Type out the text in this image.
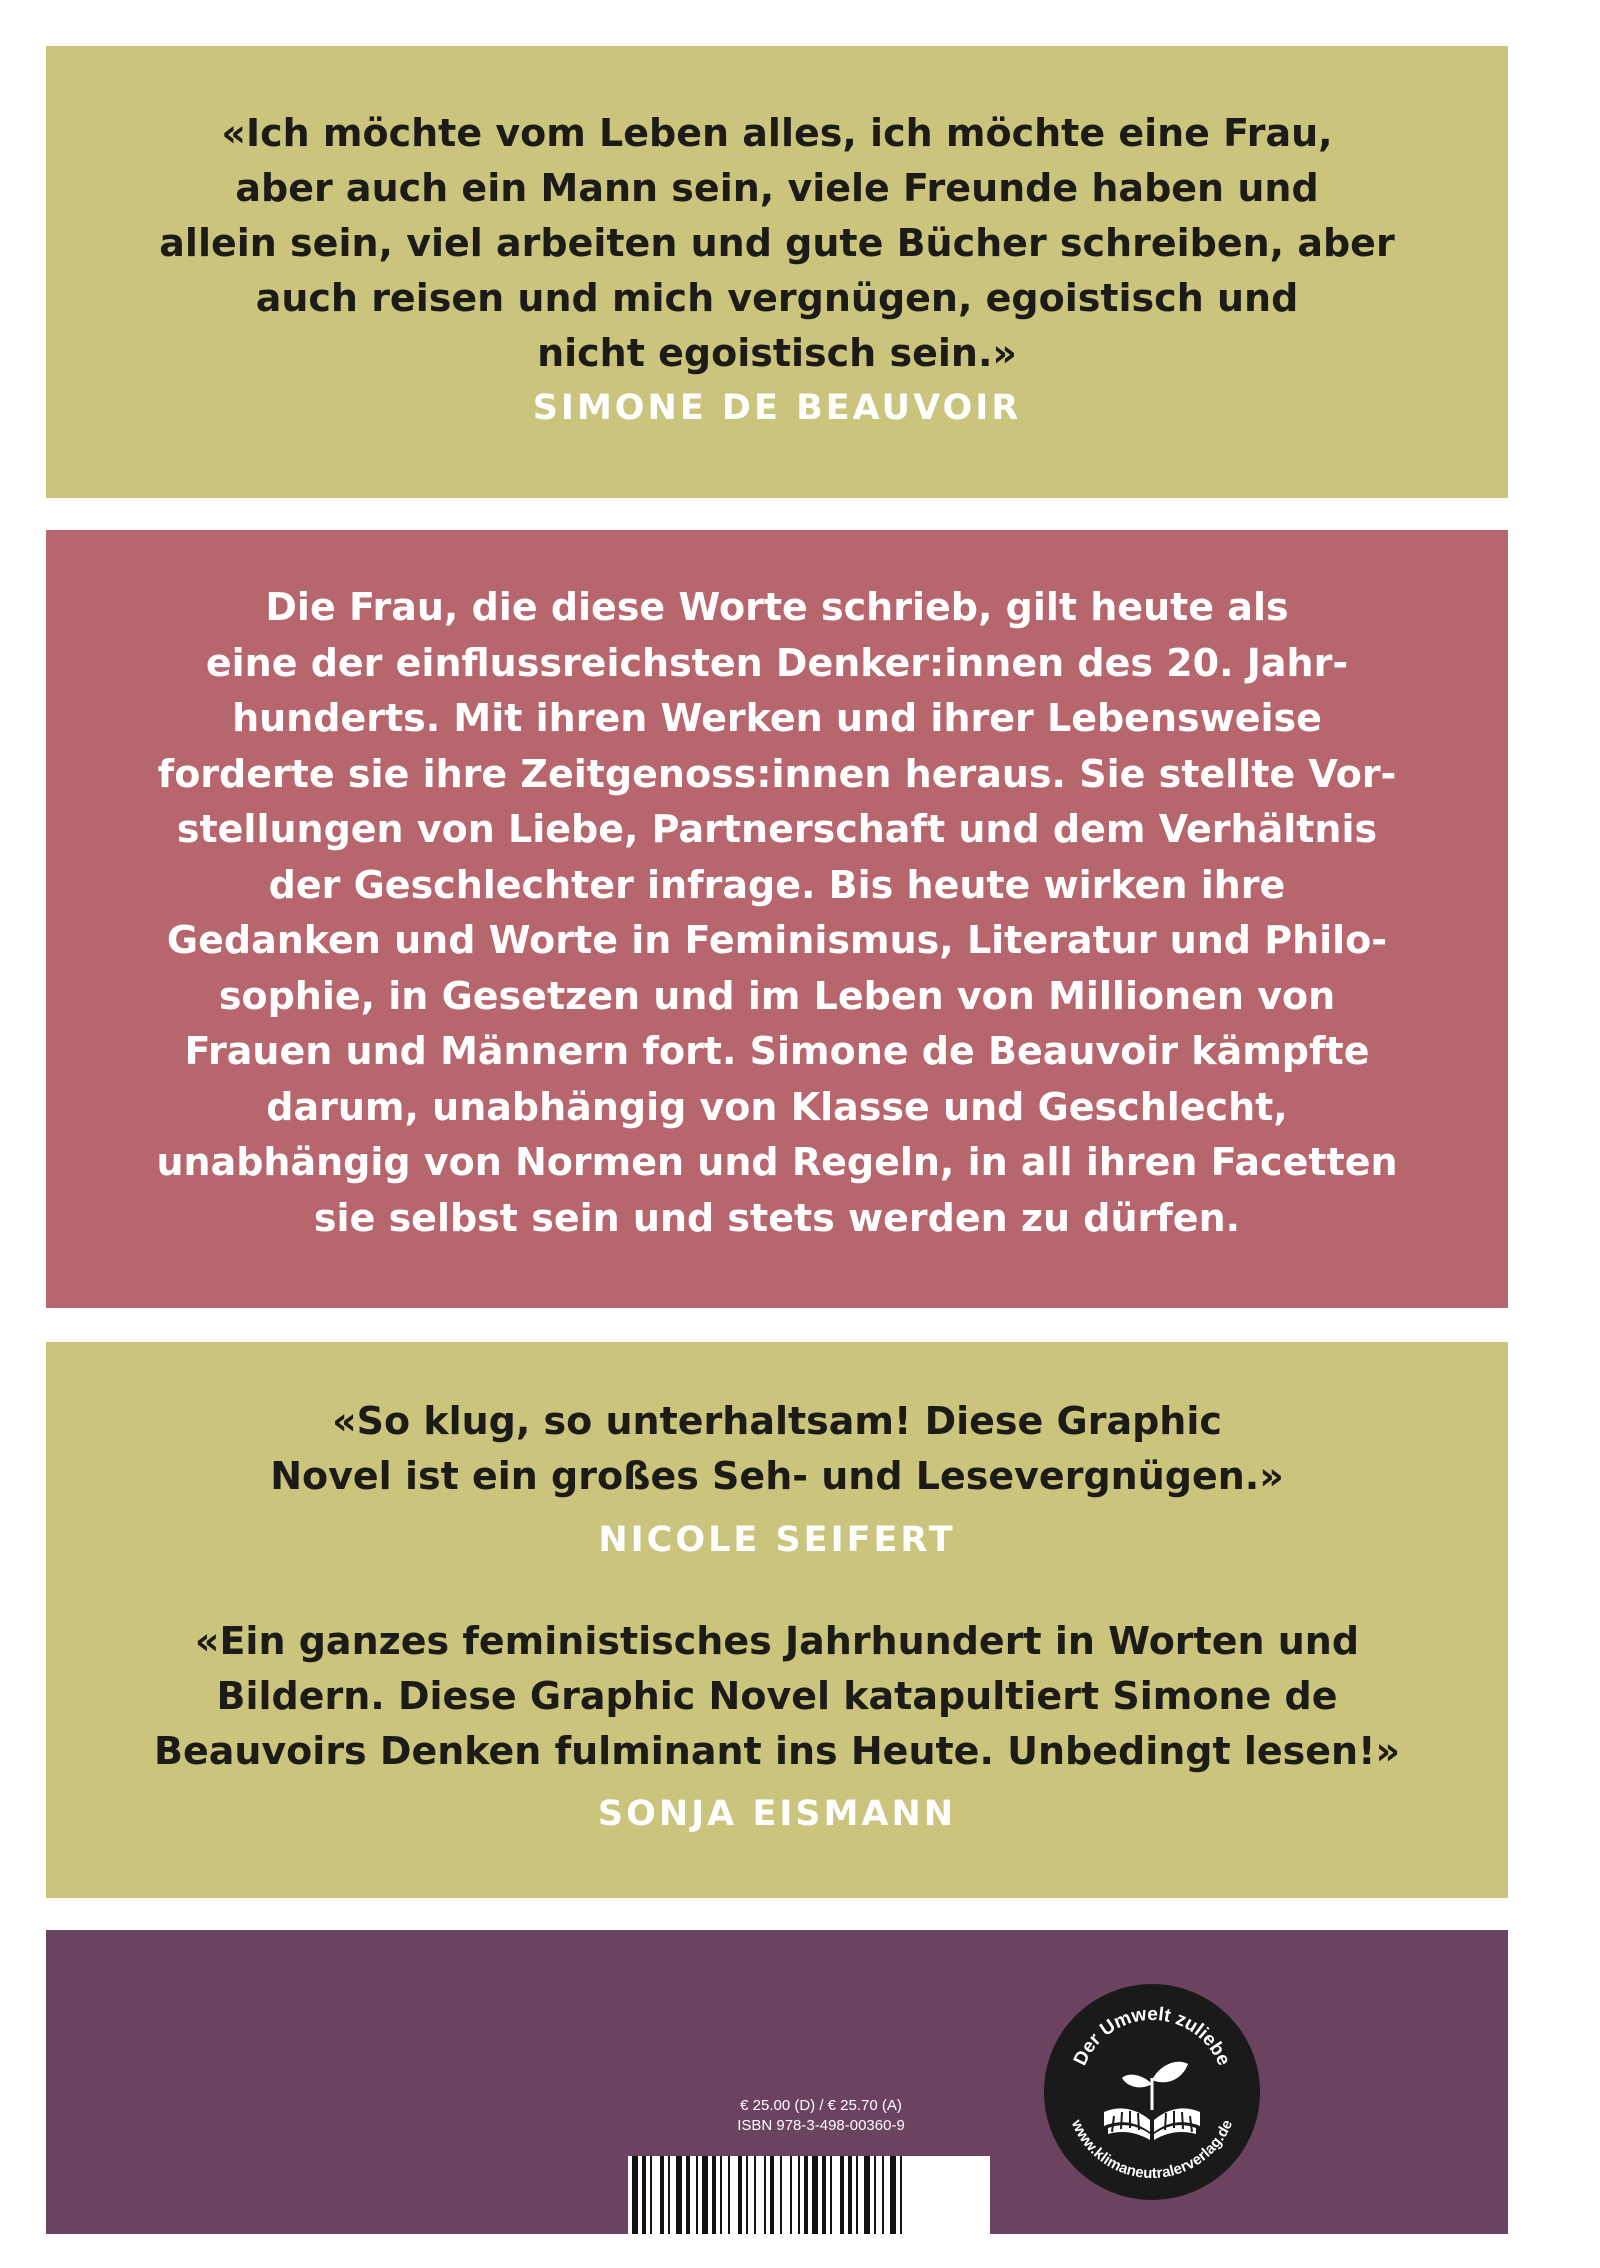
«Ich möchte vom Leben alles, ich möchte eine Frau,
aber auch ein Mann sein, viele Freunde haben und
allein sein, viel arbeiten und gute Bücher schreiben, aber
auch reisen und mich vergnügen, egoistisch und
nicht egoistisch sein.»

SIMONE DE BEAUVOIR

Die Frau, die diese Worte schrieb, gilt heute als
eine der einflussreichsten Denker:innen des 20. Jahr-
hunderts. Mit ihren Werken und ihrer Lebensweise
forderte sie ihre Zeitgenoss:innen heraus. Sie stellte Vor-
stellungen von Liebe, Partnerschaft und dem Verhältnis
der Geschlechter infrage. Bis heute wirken ihre
Gedanken und Worte in Feminismus, Literatur und Philo-
sophie, in Gesetzen und im Leben von Millionen von
Frauen und Männern fort. Simone de Beauvoir kämpfte
darum, unabhängig von Klasse und Geschlecht,
unabhängig von Normen und Regeln, in all ihren Facetten
sie selbst sein und stets werden zu dürfen.

«So klug, so unterhaltsam! Diese Graphic
Novel ist ein großes Seh- und Lesevergnügen.»

NICOLE SEIFERT

«Ein ganzes feministisches Jahrhundert in Worten und
Bildern. Diese Graphic Novel katapultiert Simone de
Beauvoirs Denken fulminant ins Heute. Unbedingt lesen!»

SONJA EISMANN

€ 25.00 (D) / € 25.70 (A)
ISBN 978-3-498-00360-9
Der Umwelt zuliebe
www.klimaneutralerverlag.de
